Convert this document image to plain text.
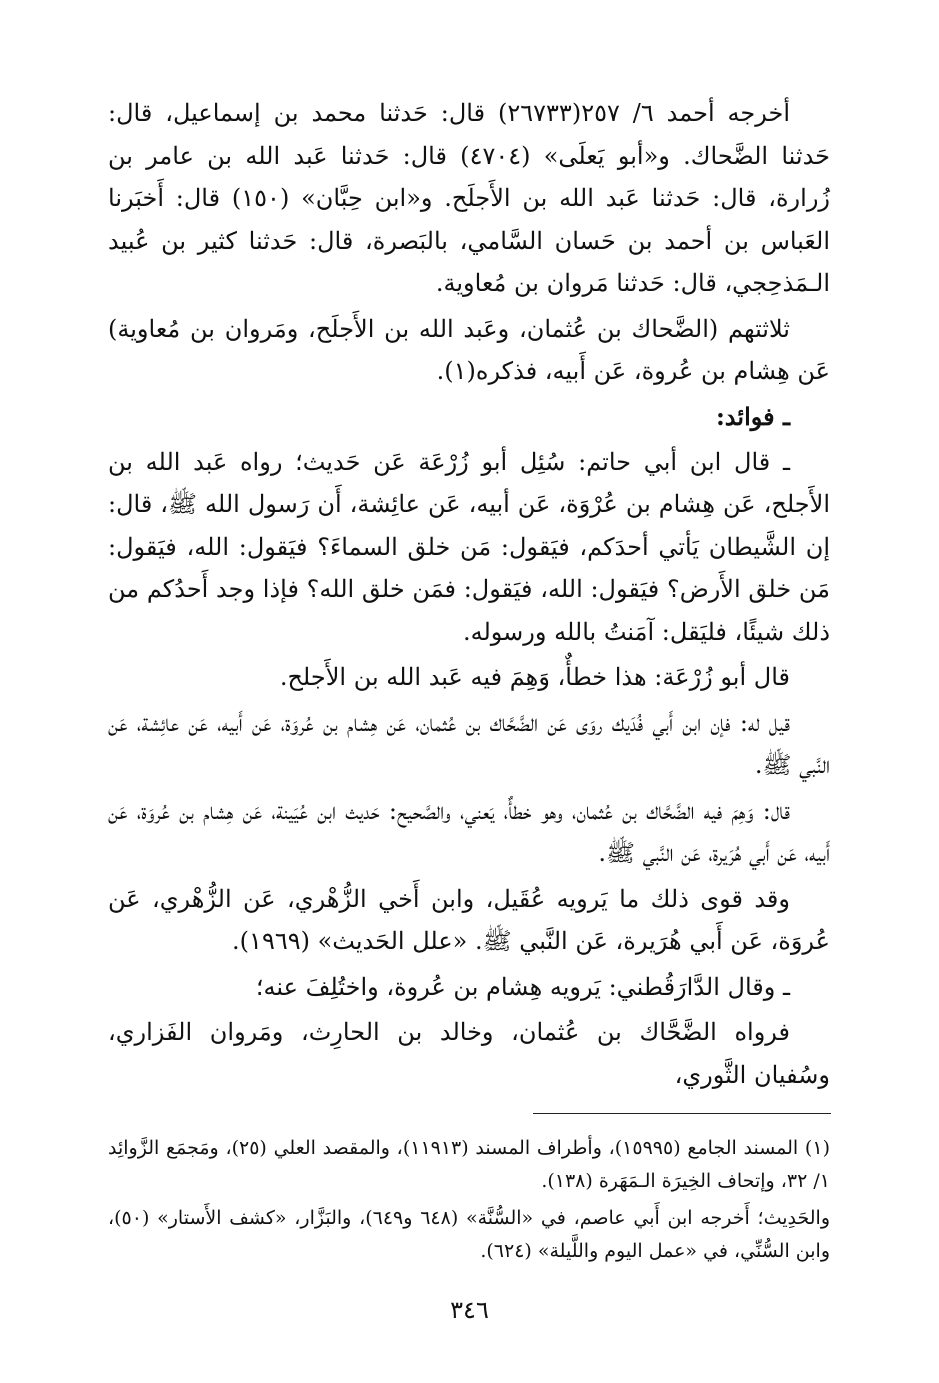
أخرجه أحمد ٦/ ٢٥٧(٢٦٧٣٣) قال: حَدثنا محمد بن إسماعيل، قال: حَدثنا الضَّحاك. و«أبو يَعلَى» (٤٧٠٤) قال: حَدثنا عَبد الله بن عامر بن زُرارة، قال: حَدثنا عَبد الله بن الأَجلَح. و«ابن حِبَّان» (١٥٠) قال: أَخبَرنا العَباس بن أحمد بن حَسان السَّامي، بالبَصرة، قال: حَدثنا كثير بن عُبيد الـمَذحِجي، قال: حَدثنا مَروان بن مُعاوية.

ثلاثتهم (الضَّحاك بن عُثمان، وعَبد الله بن الأَجلَح، ومَروان بن مُعاوية) عَن هِشام بن عُروة، عَن أَبيه، فذكره(١).

ـ فوائد:

ـ قال ابن أبي حاتم: سُئِل أبو زُرْعَة عَن حَديث؛ رواه عَبد الله بن الأَجلح، عَن هِشام بن عُرْوَة، عَن أبيه، عَن عائِشة، أَن رَسول الله ﷺ، قال: إن الشَّيطان يَأتي أحدَكم، فيَقول: مَن خلق السماءَ؟ فيَقول: الله، فيَقول: مَن خلق الأَرض؟ فيَقول: الله، فيَقول: فمَن خلق الله؟ فإذا وجد أَحدُكم من ذلك شيئًا، فليَقل: آمَنتُ بالله ورسوله.

قال أبو زُرْعَة: هذا خطأٌ، وَهِمَ فيه عَبد الله بن الأَجلح.

قيل له: فإن ابن أَبي فُدَيك روَى عَن الضَّحَّاك بن عُثمان، عَن هِشام بن عُروَة، عَن أَبيه، عَن عائِشة، عَن النَّبي ﷺ.

قال: وَهِمَ فيه الضَّحَّاك بن عُثمان، وهو خطأٌ، يَعني، والصَّحيح: حَديث ابن عُيَينة، عَن هِشام بن عُروَة، عَن أَبيه، عَن أَبي هُرَيرة، عَن النَّبي ﷺ.

وقد قوى ذلك ما يَرويه عُقَيل، وابن أَخي الزُّهْري، عَن الزُّهْري، عَن عُروَة، عَن أَبي هُرَيرة، عَن النَّبي ﷺ. «علل الحَديث» (١٩٦٩).

ـ وقال الدَّارَقُطني: يَرويه هِشام بن عُروة، واختُلِفَ عنه؛

فرواه الضَّحَّاك بن عُثمان، وخالد بن الحارِث، ومَروان الفَزاري، وسُفيان الثَّوري،

(١) المسند الجامع (١٥٩٩٥)، وأطراف المسند (١١٩١٣)، والمقصد العلي (٢٥)، ومَجمَع الزَّوائِد ١/ ٣٢، وإتحاف الخِيرَة الـمَهَرة (١٣٨).

والحَدِيث؛ أَخرجه ابن أَبي عاصم، في «السُّنَّة» (٦٤٨ و٦٤٩)، والبَزَّار، «كشف الأَستار» (٥٠)، وابن السُّنِّي، في «عمل اليوم واللَّيلة» (٦٢٤).

٣٤٦
